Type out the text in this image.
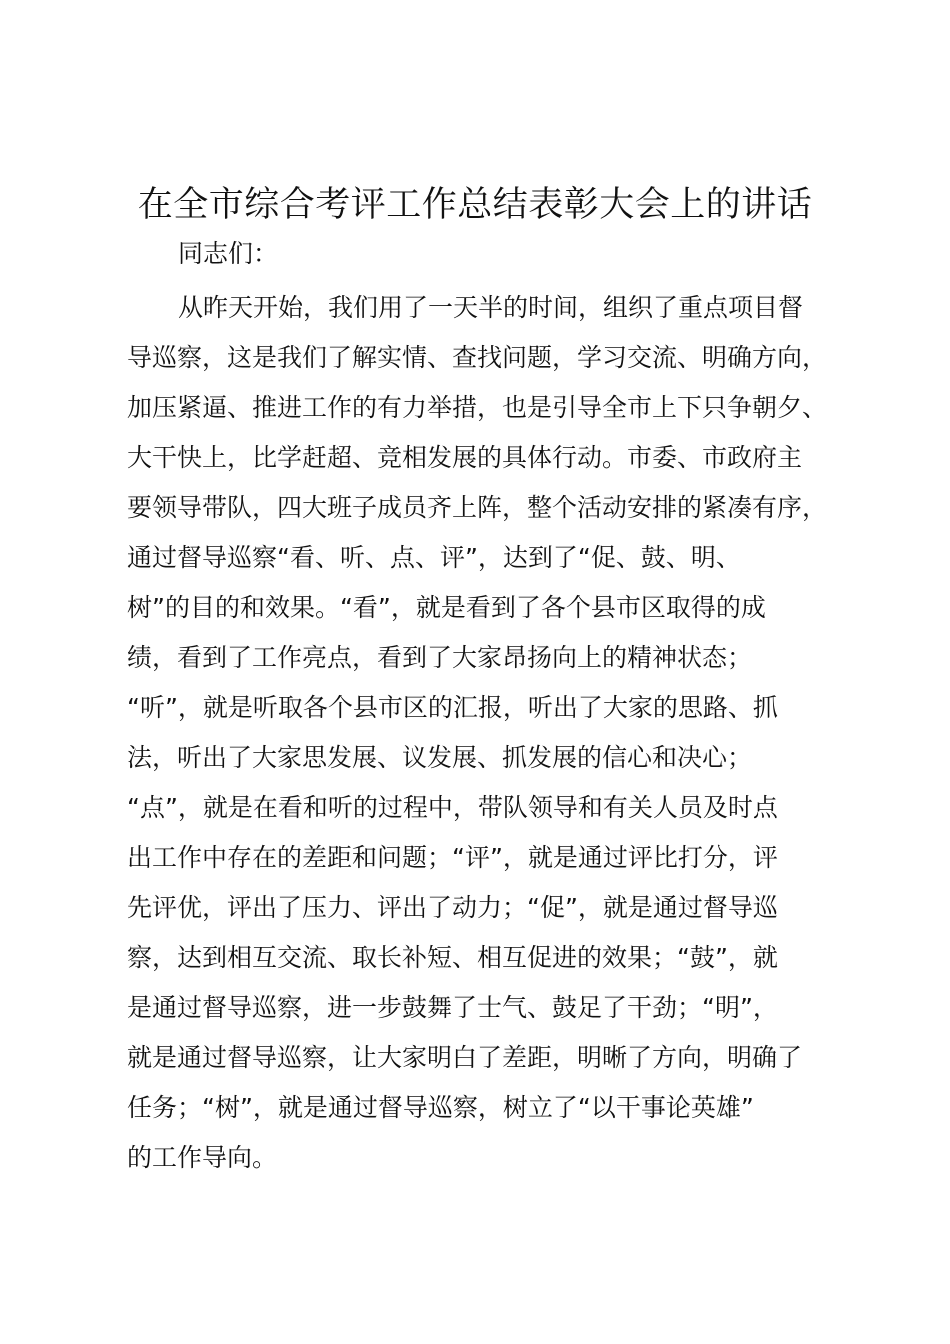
在全市综合考评工作总结表彰大会上的讲话

同志们：

从昨天开始，我们用了一天半的时间，组织了重点项目督
导巡察，这是我们了解实情、查找问题，学习交流、明确方向，
加压紧逼、推进工作的有力举措，也是引导全市上下只争朝夕、
大干快上，比学赶超、竞相发展的具体行动。市委、市政府主
要领导带队，四大班子成员齐上阵，整个活动安排的紧凑有序，
通过督导巡察“看、听、点、评”，达到了“促、鼓、明、
树”的目的和效果。“看”，就是看到了各个县市区取得的成
绩，看到了工作亮点，看到了大家昂扬向上的精神状态；
“听”，就是听取各个县市区的汇报，听出了大家的思路、抓
法，听出了大家思发展、议发展、抓发展的信心和决心；
“点”，就是在看和听的过程中，带队领导和有关人员及时点
出工作中存在的差距和问题；“评”，就是通过评比打分，评
先评优，评出了压力、评出了动力；“促”，就是通过督导巡
察，达到相互交流、取长补短、相互促进的效果；“鼓”，就
是通过督导巡察，进一步鼓舞了士气、鼓足了干劲；“明”，
就是通过督导巡察，让大家明白了差距，明晰了方向，明确了
任务；“树”，就是通过督导巡察，树立了“以干事论英雄”
的工作导向。
